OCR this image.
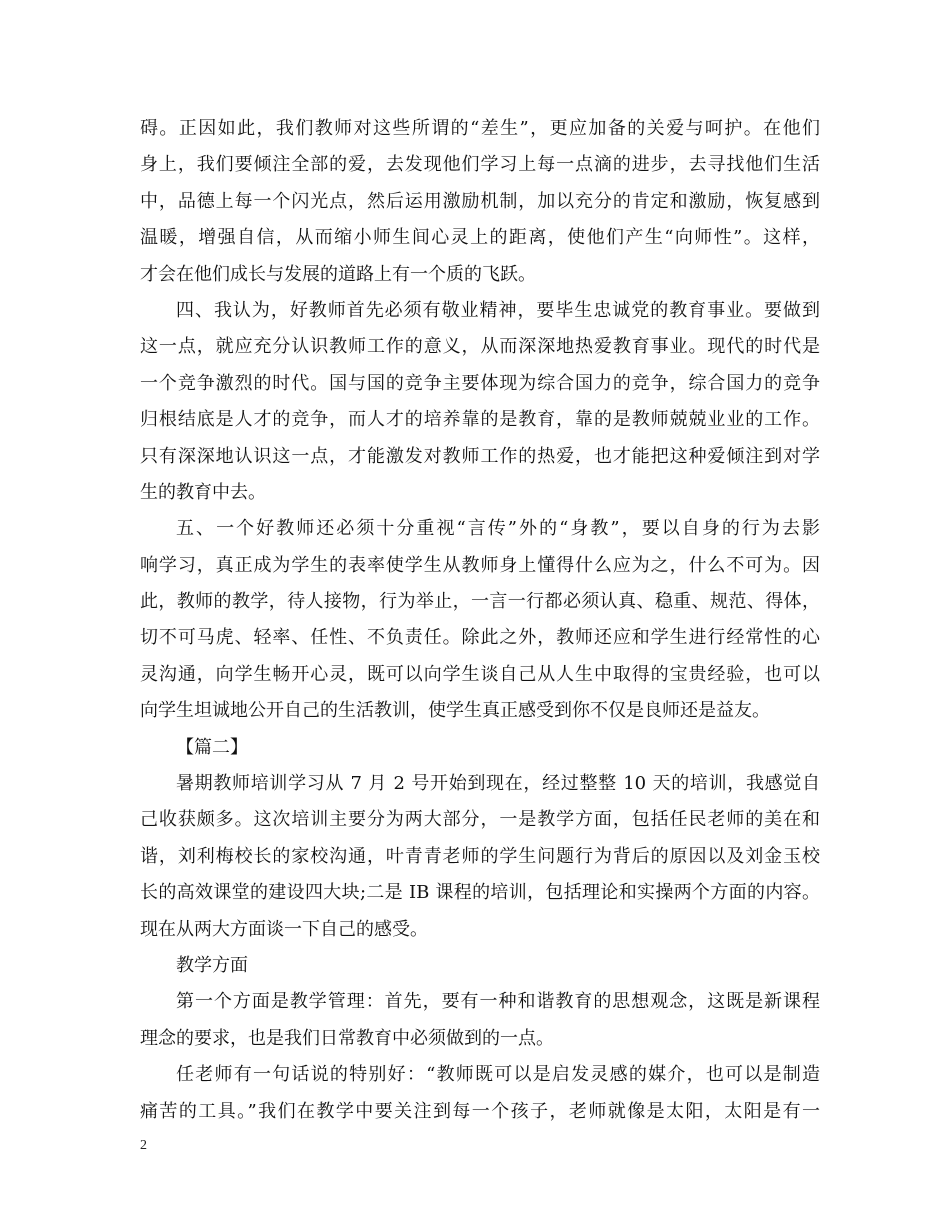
碍。正因如此，我们教师对这些所谓的“差生”，更应加备的关爱与呵护。在他们
身上，我们要倾注全部的爱，去发现他们学习上每一点滴的进步，去寻找他们生活
中，品德上每一个闪光点，然后运用激励机制，加以充分的肯定和激励，恢复感到
温暖，增强自信，从而缩小师生间心灵上的距离，使他们产生“向师性”。这样，
才会在他们成长与发展的道路上有一个质的飞跃。
四、我认为，好教师首先必须有敬业精神，要毕生忠诚党的教育事业。要做到
这一点，就应充分认识教师工作的意义，从而深深地热爱教育事业。现代的时代是
一个竞争激烈的时代。国与国的竞争主要体现为综合国力的竞争，综合国力的竞争
归根结底是人才的竞争，而人才的培养靠的是教育，靠的是教师兢兢业业的工作。
只有深深地认识这一点，才能激发对教师工作的热爱，也才能把这种爱倾注到对学
生的教育中去。
五、一个好教师还必须十分重视“言传”外的“身教”，要以自身的行为去影
响学习，真正成为学生的表率使学生从教师身上懂得什么应为之，什么不可为。因
此，教师的教学，待人接物，行为举止，一言一行都必须认真、稳重、规范、得体，
切不可马虎、轻率、任性、不负责任。除此之外，教师还应和学生进行经常性的心
灵沟通，向学生畅开心灵，既可以向学生谈自己从人生中取得的宝贵经验，也可以
向学生坦诚地公开自己的生活教训，使学生真正感受到你不仅是良师还是益友。
【篇二】
暑期教师培训学习从 7 月 2 号开始到现在，经过整整 10 天的培训，我感觉自
己收获颇多。这次培训主要分为两大部分，一是教学方面，包括任民老师的美在和
谐，刘利梅校长的家校沟通，叶青青老师的学生问题行为背后的原因以及刘金玉校
长的高效课堂的建设四大块;二是 IB 课程的培训，包括理论和实操两个方面的内容。
现在从两大方面谈一下自己的感受。
教学方面
第一个方面是教学管理：首先，要有一种和谐教育的思想观念，这既是新课程
理念的要求，也是我们日常教育中必须做到的一点。
任老师有一句话说的特别好：“教师既可以是启发灵感的媒介，也可以是制造
痛苦的工具。”我们在教学中要关注到每一个孩子，老师就像是太阳，太阳是有一
2
